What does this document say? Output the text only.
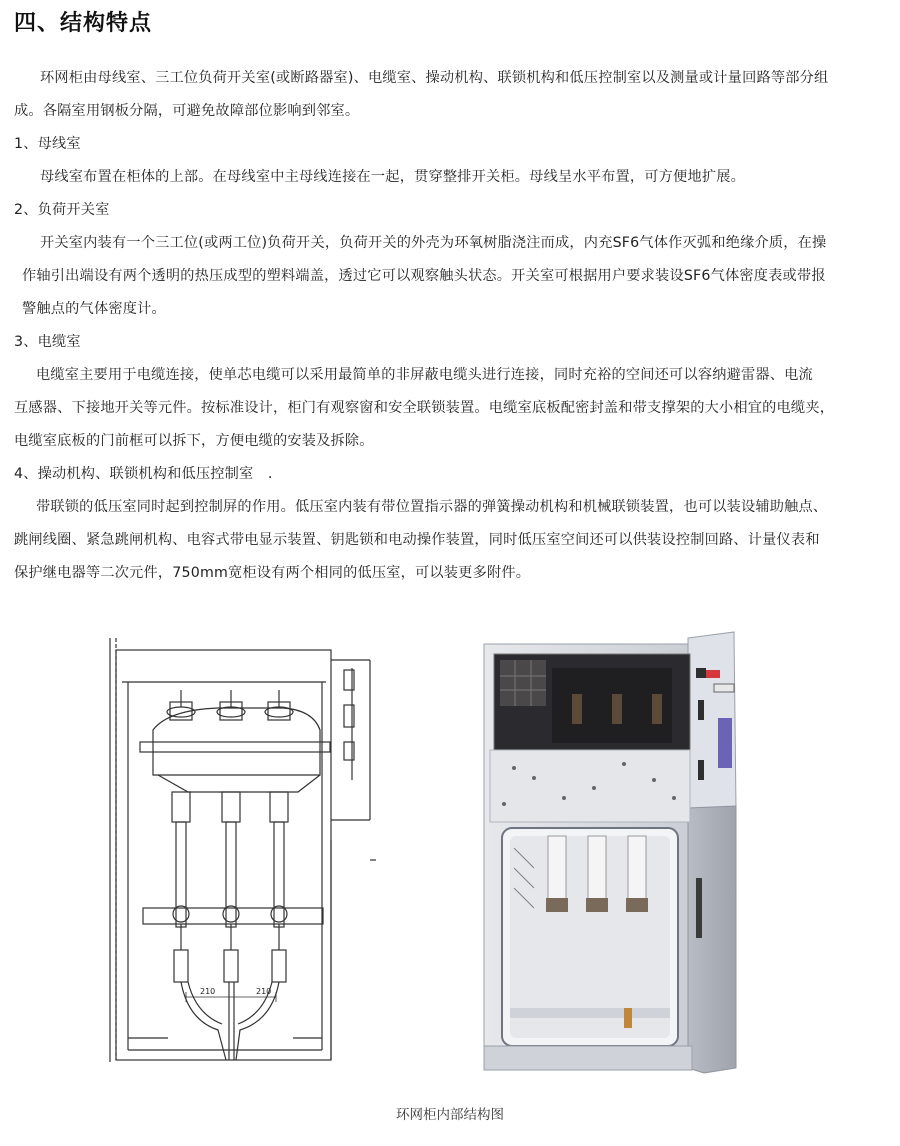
四、结构特点
环网柜由母线室、三工位负荷开关室(或断路器室)、电缆室、操动机构、联锁机构和低压控制室以及测量或计量回路等部分组
成。各隔室用钢板分隔，可避免故障部位影响到邻室。
1、母线室
母线室布置在柜体的上部。在母线室中主母线连接在一起，贯穿整排开关柜。母线呈水平布置，可方便地扩展。
2、负荷开关室
开关室内装有一个三工位(或两工位)负荷开关，负荷开关的外壳为环氧树脂浇注而成，内充SF6气体作灭弧和绝缘介质，在操
作轴引出端设有两个透明的热压成型的塑料端盖，透过它可以观察触头状态。开关室可根据用户要求装设SF6气体密度表或带报
警触点的气体密度计。
3、电缆室
电缆室主要用于电缆连接，使单芯电缆可以采用最简单的非屏蔽电缆头进行连接，同时充裕的空间还可以容纳避雷器、电流
互感器、下接地开关等元件。按标准设计，柜门有观察窗和安全联锁装置。电缆室底板配密封盖和带支撑架的大小相宜的电缆夹，
电缆室底板的门前框可以拆下，方便电缆的安装及拆除。
4、操动机构、联锁机构和低压控制室　.
带联锁的低压室同时起到控制屏的作用。低压室内装有带位置指示器的弹簧操动机构和机械联锁装置，也可以装设辅助触点、
跳闸线圈、紧急跳闸机构、电容式带电显示装置、钥匙锁和电动操作装置，同时低压室空间还可以供装设控制回路、计量仪表和
保护继电器等二次元件，750mm宽柜设有两个相同的低压室，可以装更多附件。
210	210
环网柜内部结构图
